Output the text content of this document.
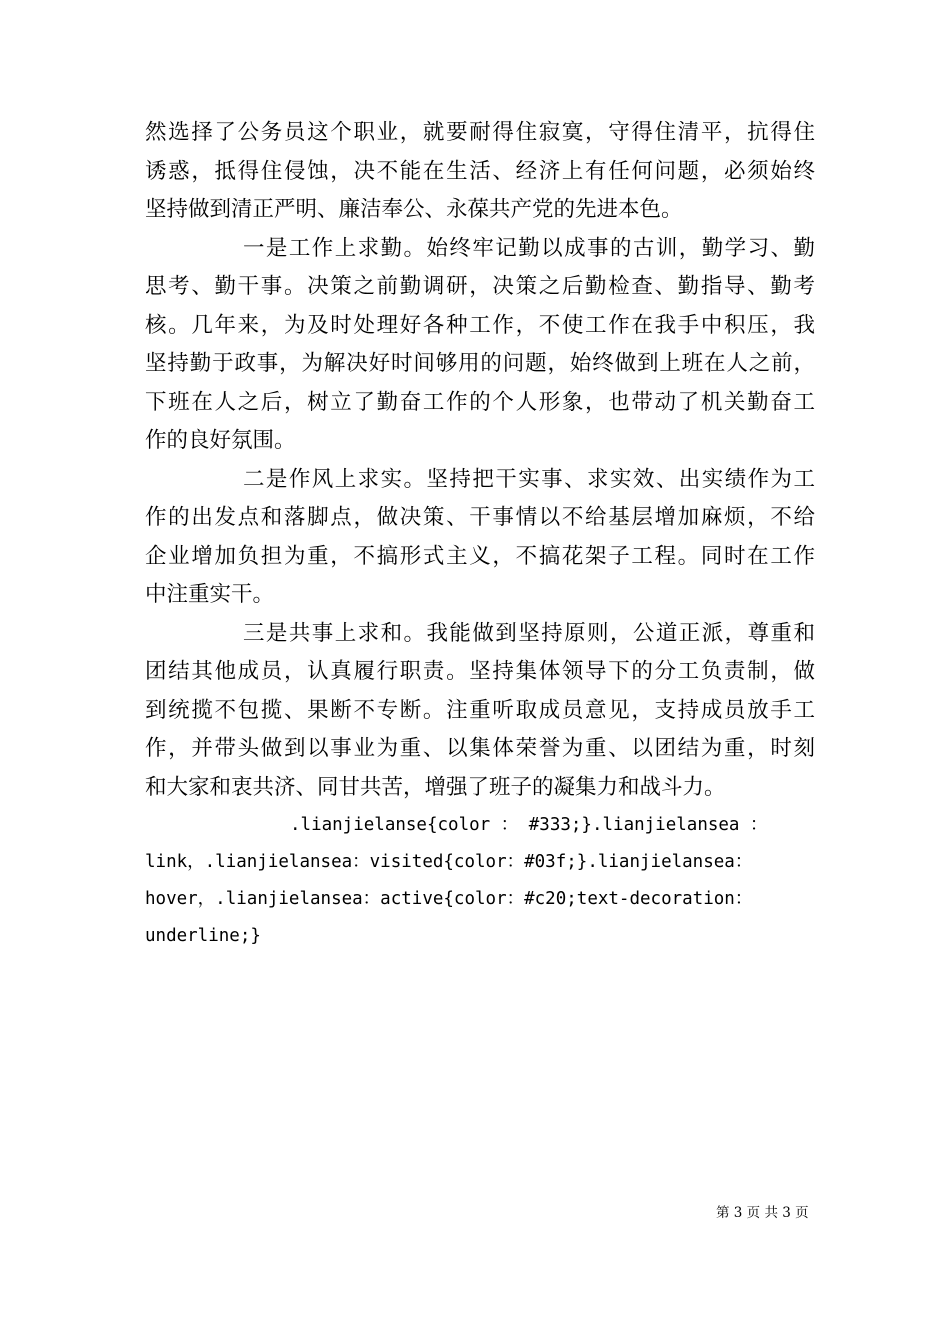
然选择了公务员这个职业，就要耐得住寂寞，守得住清平，抗得住
诱惑，抵得住侵蚀，决不能在生活、经济上有任何问题，必须始终
坚持做到清正严明、廉洁奉公、永葆共产党的先进本色。
一是工作上求勤。始终牢记勤以成事的古训，勤学习、勤
思考、勤干事。决策之前勤调研，决策之后勤检查、勤指导、勤考
核。几年来，为及时处理好各种工作，不使工作在我手中积压，我
坚持勤于政事，为解决好时间够用的问题，始终做到上班在人之前，
下班在人之后，树立了勤奋工作的个人形象，也带动了机关勤奋工
作的良好氛围。
二是作风上求实。坚持把干实事、求实效、出实绩作为工
作的出发点和落脚点，做决策、干事情以不给基层增加麻烦，不给
企业增加负担为重，不搞形式主义，不搞花架子工程。同时在工作
中注重实干。
三是共事上求和。我能做到坚持原则，公道正派，尊重和
团结其他成员，认真履行职责。坚持集体领导下的分工负责制，做
到统揽不包揽、果断不专断。注重听取成员意见，支持成员放手工
作，并带头做到以事业为重、以集体荣誉为重、以团结为重，时刻
和大家和衷共济、同甘共苦，增强了班子的凝集力和战斗力。
.lianjielanse{color ： #333;}.lianjielansea ：
link，.lianjielansea：visited{color：#03f;}.lianjielansea：
hover，.lianjielansea：active{color：#c20;text-decoration：
underline;}
第 3 页 共 3 页
